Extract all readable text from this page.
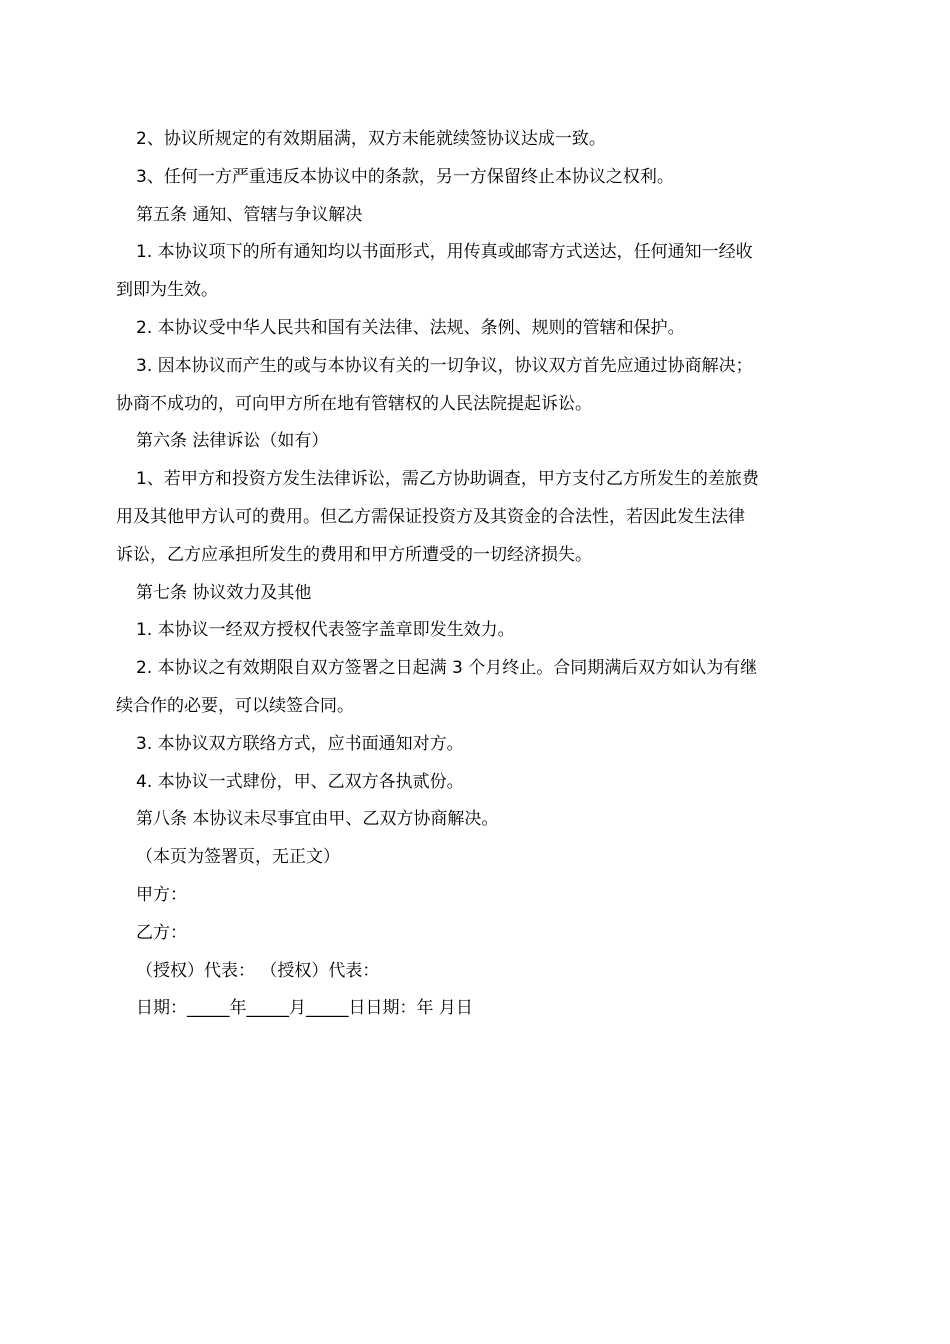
2、协议所规定的有效期届满，双方未能就续签协议达成一致。
3、任何一方严重违反本协议中的条款，另一方保留终止本协议之权利。
第五条 通知、管辖与争议解决
1. 本协议项下的所有通知均以书面形式，用传真或邮寄方式送达，任何通知一经收
到即为生效。
2. 本协议受中华人民共和国有关法律、法规、条例、规则的管辖和保护。
3. 因本协议而产生的或与本协议有关的一切争议，协议双方首先应通过协商解决；
协商不成功的，可向甲方所在地有管辖权的人民法院提起诉讼。
第六条 法律诉讼（如有）
1、若甲方和投资方发生法律诉讼，需乙方协助调查，甲方支付乙方所发生的差旅费
用及其他甲方认可的费用。但乙方需保证投资方及其资金的合法性，若因此发生法律
诉讼，乙方应承担所发生的费用和甲方所遭受的一切经济损失。
第七条 协议效力及其他
1. 本协议一经双方授权代表签字盖章即发生效力。
2. 本协议之有效期限自双方签署之日起满 3 个月终止。合同期满后双方如认为有继
续合作的必要，可以续签合同。
3. 本协议双方联络方式，应书面通知对方。
4. 本协议一式肆份，甲、乙双方各执贰份。
第八条 本协议未尽事宜由甲、乙双方协商解决。
（本页为签署页，无正文）
甲方：
乙方：
（授权）代表： （授权）代表：
日期：_____年_____月_____日日期：年 月日
